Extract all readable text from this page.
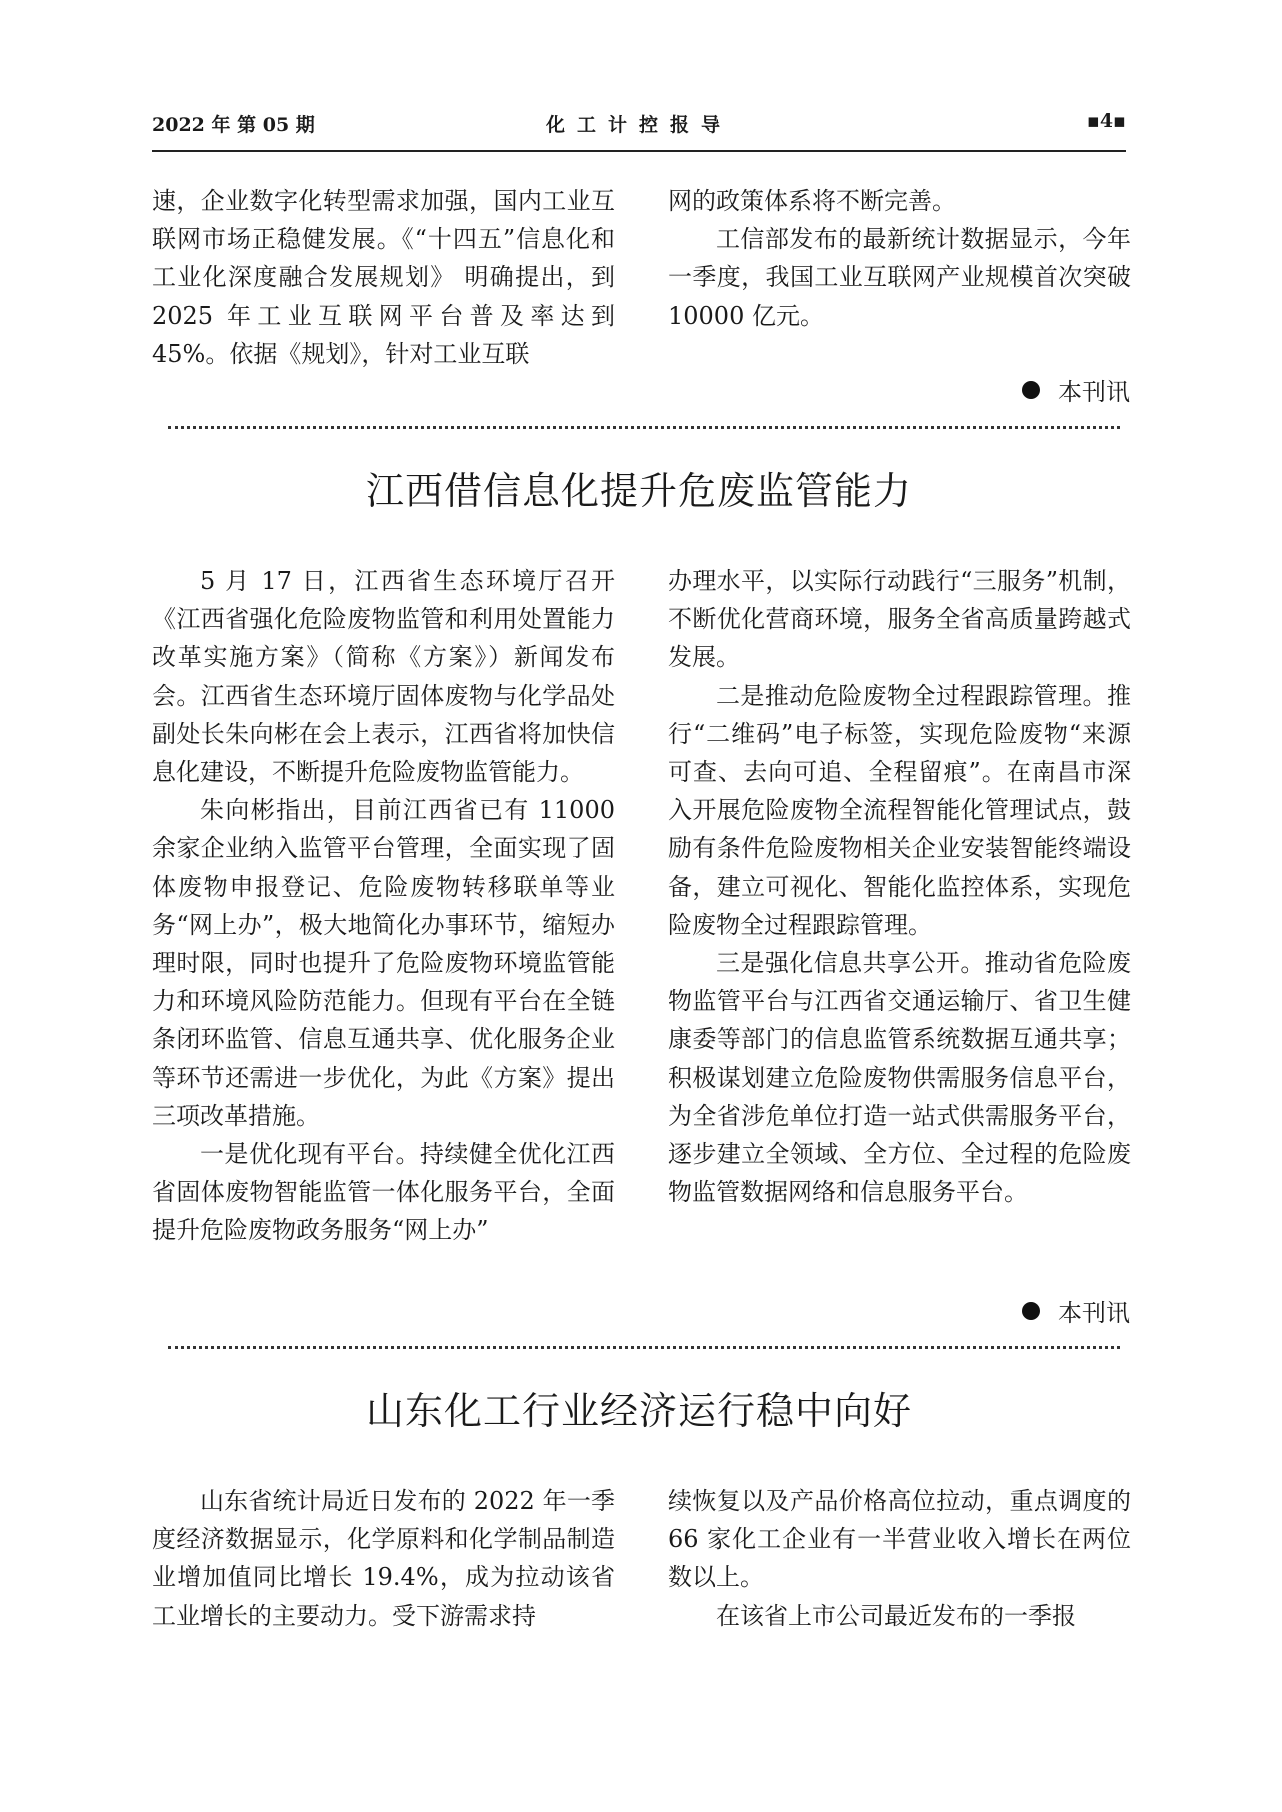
2022 年 第 05 期	化工计控报导	▪4▪

速，企业数字化转型需求加强，国内工业互联网市场正稳健发展。《“十四五”信息化和工业化深度融合发展规划》 明确提出，到 2025 年工业互联网平台普及率达到 45%。依据《规划》，针对工业互联

网的政策体系将不断完善。

工信部发布的最新统计数据显示，今年一季度，我国工业互联网产业规模首次突破 10000 亿元。

本刊讯
江西借信息化提升危废监管能力

5 月 17 日，江西省生态环境厅召开《江西省强化危险废物监管和利用处置能力改革实施方案》（简称《方案》）新闻发布会。江西省生态环境厅固体废物与化学品处副处长朱向彬在会上表示，江西省将加快信息化建设，不断提升危险废物监管能力。

朱向彬指出，目前江西省已有 11000 余家企业纳入监管平台管理，全面实现了固体废物申报登记、危险废物转移联单等业务“网上办”，极大地简化办事环节，缩短办理时限，同时也提升了危险废物环境监管能力和环境风险防范能力。但现有平台在全链条闭环监管、信息互通共享、优化服务企业等环节还需进一步优化，为此《方案》提出三项改革措施。

一是优化现有平台。持续健全优化江西省固体废物智能监管一体化服务平台，全面提升危险废物政务服务“网上办”

办理水平，以实际行动践行“三服务”机制，不断优化营商环境，服务全省高质量跨越式发展。

二是推动危险废物全过程跟踪管理。推行“二维码”电子标签，实现危险废物“来源可查、去向可追、全程留痕”。在南昌市深入开展危险废物全流程智能化管理试点，鼓励有条件危险废物相关企业安装智能终端设备，建立可视化、智能化监控体系，实现危险废物全过程跟踪管理。

三是强化信息共享公开。推动省危险废物监管平台与江西省交通运输厅、省卫生健康委等部门的信息监管系统数据互通共享；积极谋划建立危险废物供需服务信息平台，为全省涉危单位打造一站式供需服务平台，逐步建立全领域、全方位、全过程的危险废物监管数据网络和信息服务平台。

本刊讯
山东化工行业经济运行稳中向好

山东省统计局近日发布的 2022 年一季度经济数据显示，化学原料和化学制品制造业增加值同比增长 19.4%，成为拉动该省工业增长的主要动力。受下游需求持

续恢复以及产品价格高位拉动，重点调度的 66 家化工企业有一半营业收入增长在两位数以上。

在该省上市公司最近发布的一季报
